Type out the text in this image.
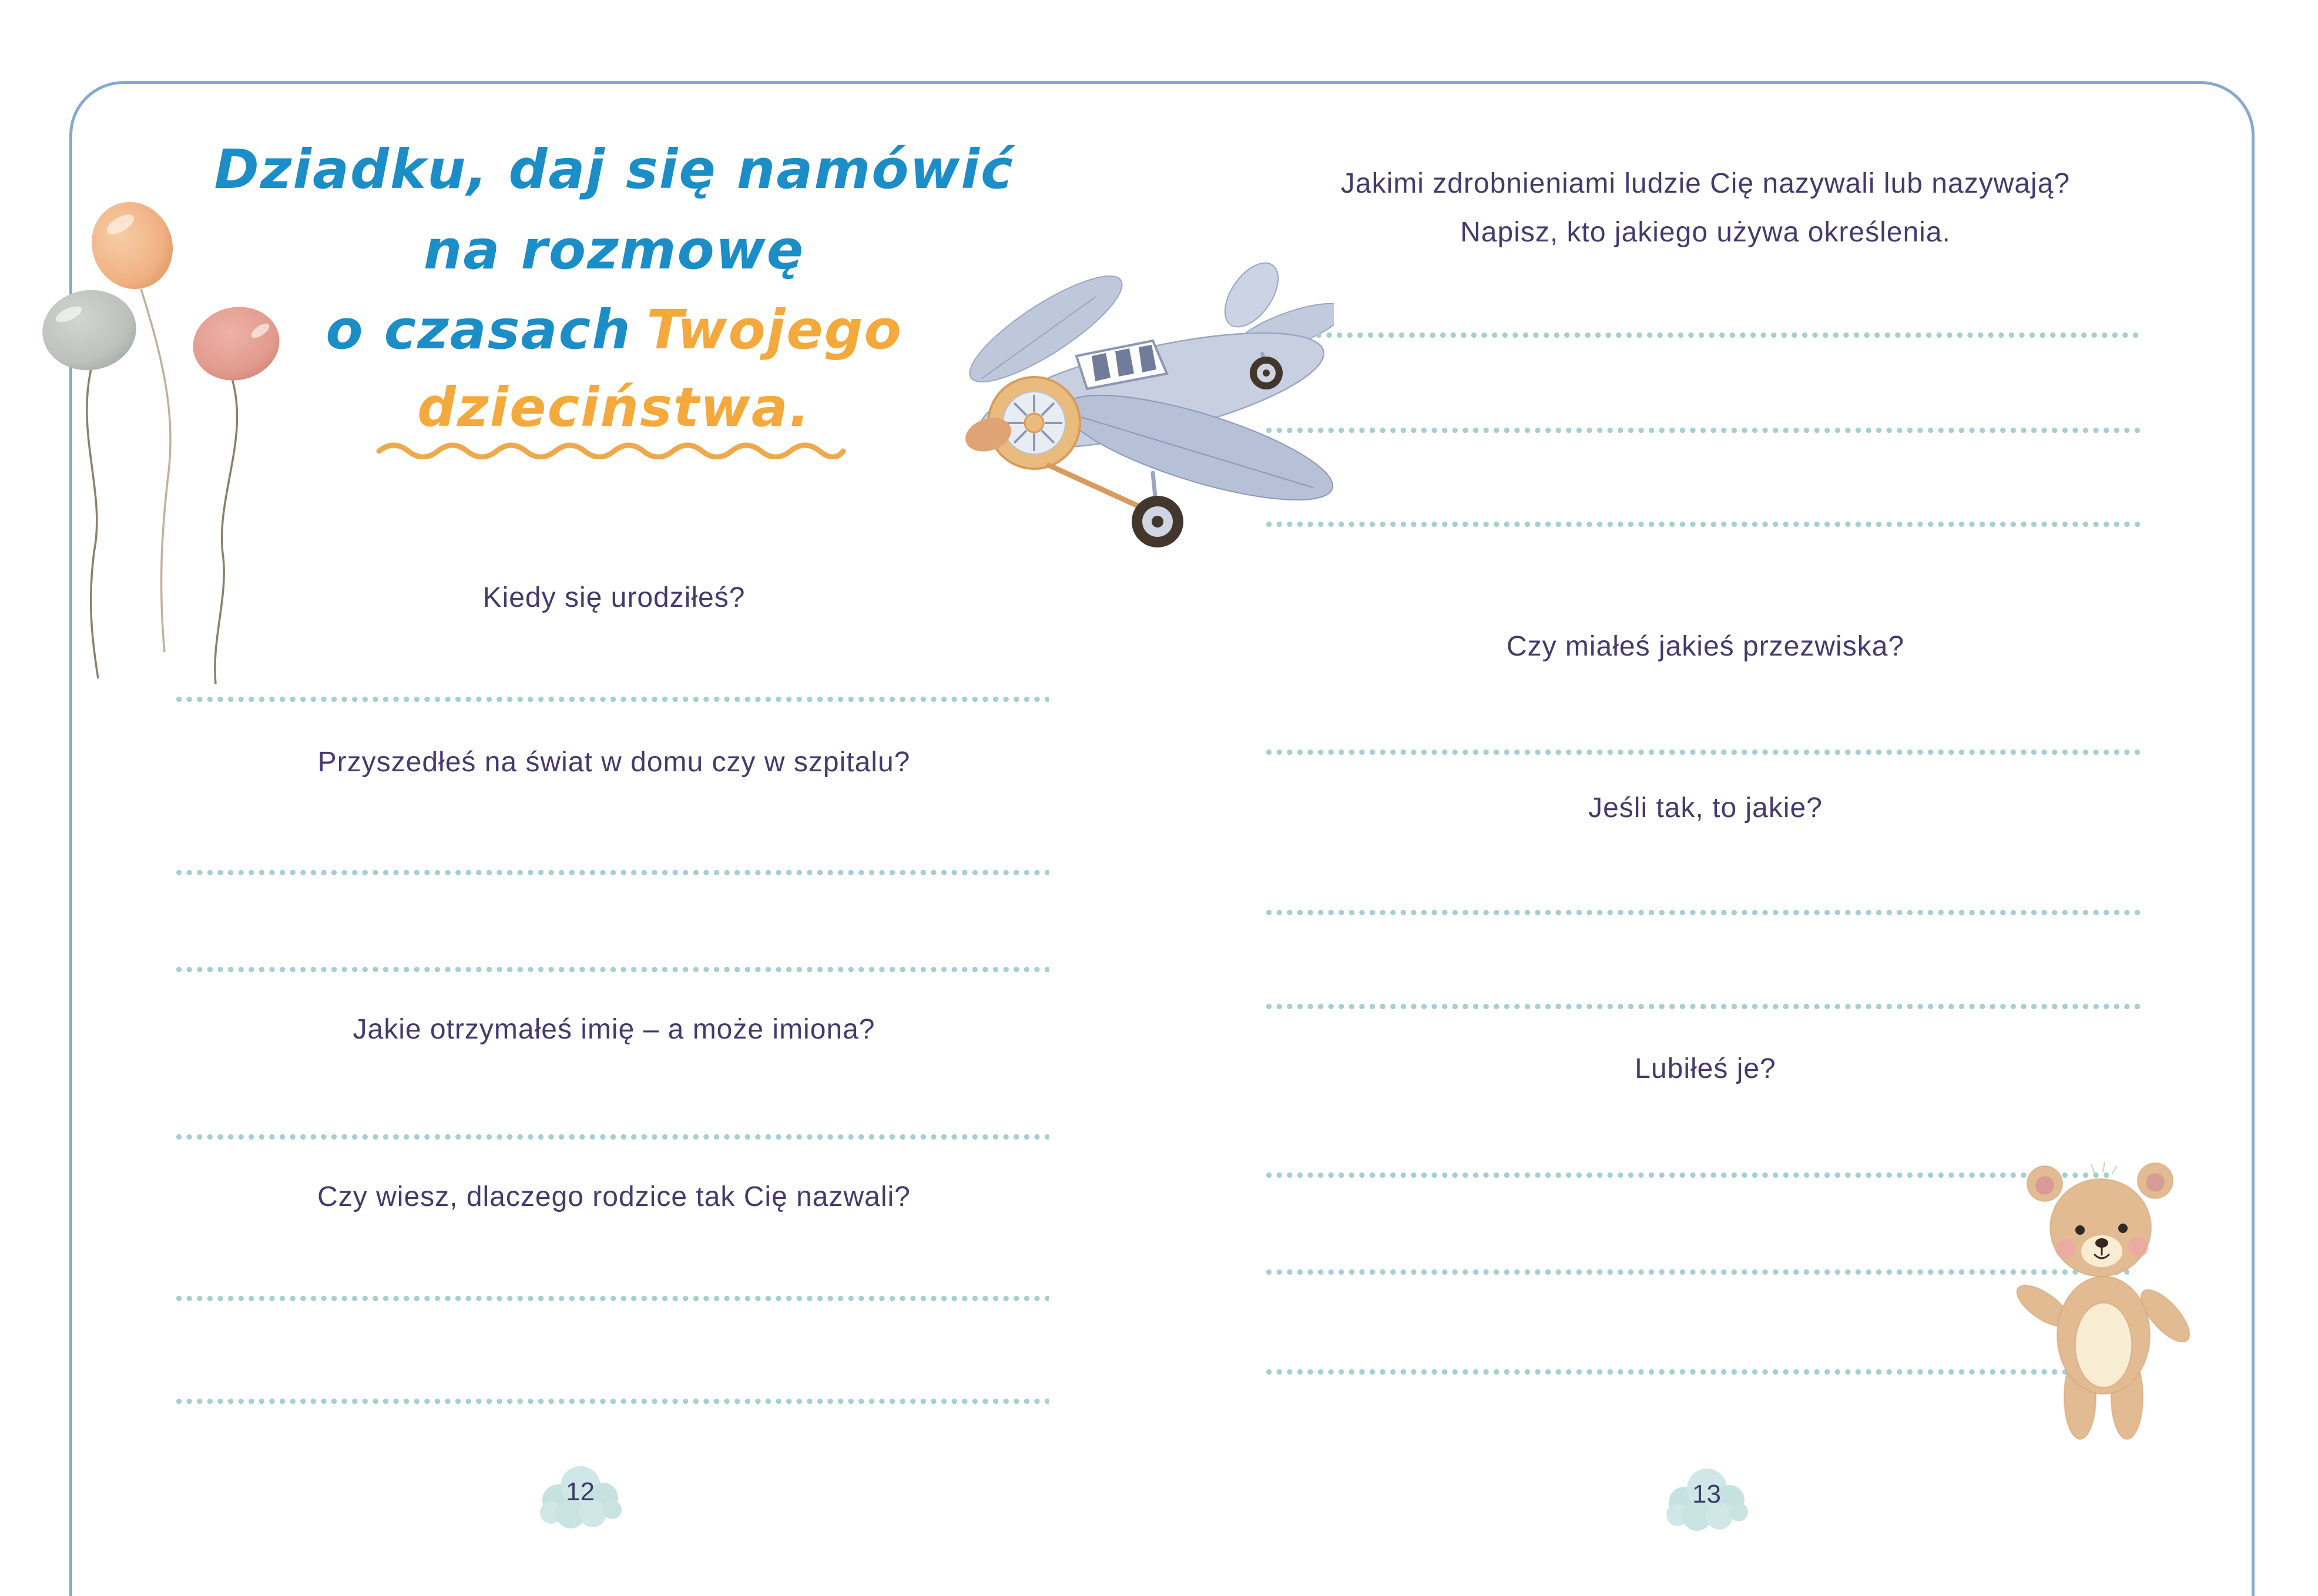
Dziadku, daj się namówić
na rozmowę
o czasach Twojego
dzieciństwa.
Kiedy się urodziłeś?
Przyszedłeś na świat w domu czy w szpitalu?
Jakie otrzymałeś imię – a może imiona?
Czy wiesz, dlaczego rodzice tak Cię nazwali?
12
Jakimi zdrobnieniami ludzie Cię nazywali lub nazywają?
Napisz, kto jakiego używa określenia.
Czy miałeś jakieś przezwiska?
Jeśli tak, to jakie?
Lubiłeś je?
13
